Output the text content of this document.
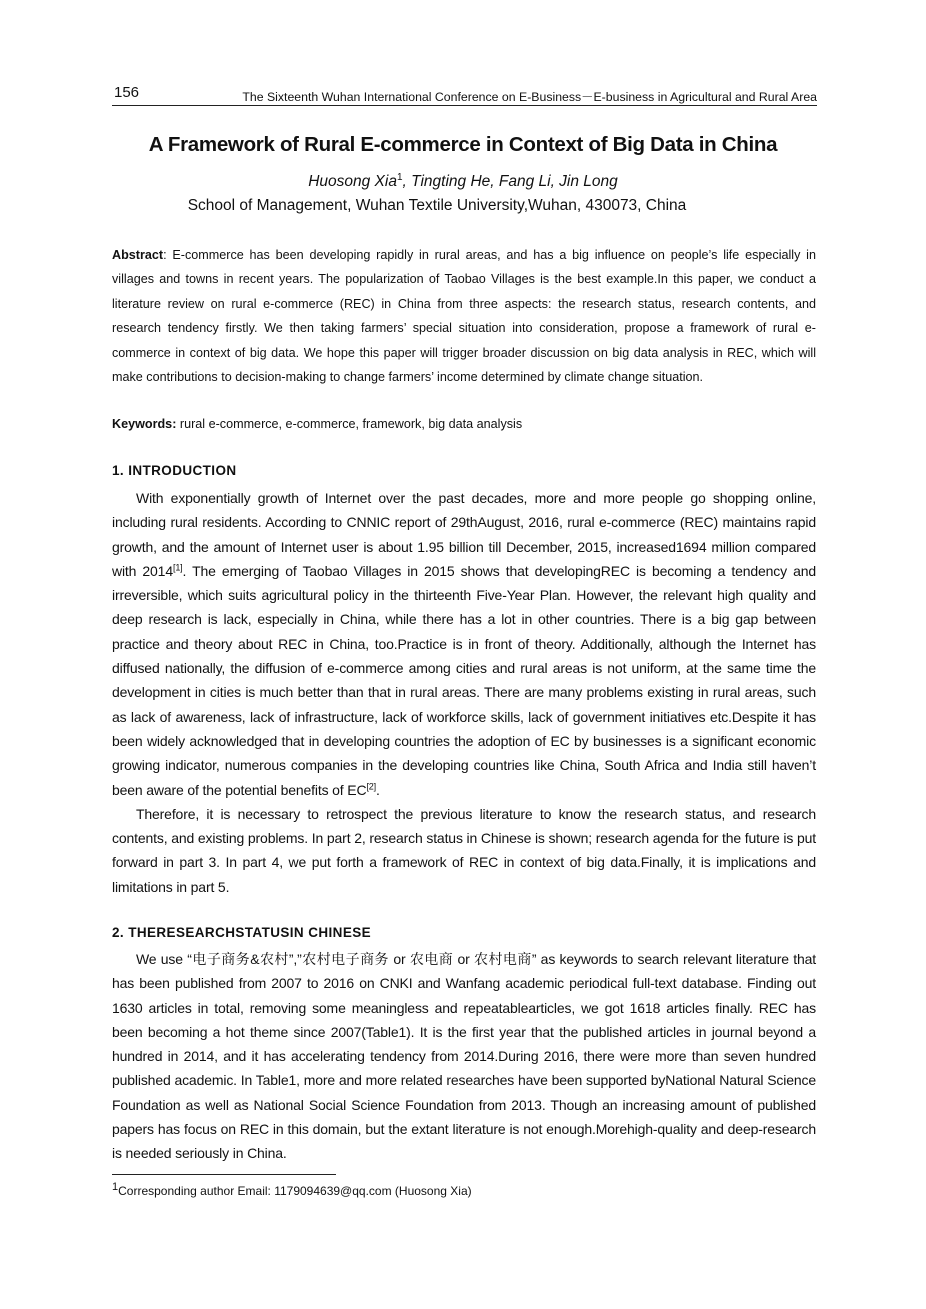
156	The Sixteenth Wuhan International Conference on E-Business－E-business in Agricultural and Rural Area
A Framework of Rural E-commerce in Context of Big Data in China
Huosong Xia$^1$, Tingting He, Fang Li, Jin Long
School of Management, Wuhan Textile University,Wuhan, 430073, China
Abstract: E-commerce has been developing rapidly in rural areas, and has a big influence on people’s life especially in villages and towns in recent years. The popularization of Taobao Villages is the best example.In this paper, we conduct a literature review on rural e-commerce (REC) in China from three aspects: the research status, research contents, and research tendency firstly. We then taking farmers’ special situation into consideration, propose a framework of rural e-commerce in context of big data. We hope this paper will trigger broader discussion on big data analysis in REC, which will make contributions to decision-making to change farmers’ income determined by climate change situation.
Keywords: rural e-commerce, e-commerce, framework, big data analysis
1. INTRODUCTION

With exponentially growth of Internet over the past decades, more and more people go shopping online, including rural residents. According to CNNIC report of 29thAugust, 2016, rural e-commerce (REC) maintains rapid growth, and the amount of Internet user is about 1.95 billion till December, 2015, increased1694 million compared with 2014[1]. The emerging of Taobao Villages in 2015 shows that developingREC is becoming a tendency and irreversible, which suits agricultural policy in the thirteenth Five-Year Plan. However, the relevant high quality and deep research is lack, especially in China, while there has a lot in other countries. There is a big gap between practice and theory about REC in China, too.Practice is in front of theory. Additionally, although the Internet has diffused nationally, the diffusion of e-commerce among cities and rural areas is not uniform, at the same time the development in cities is much better than that in rural areas. There are many problems existing in rural areas, such as lack of awareness, lack of infrastructure, lack of workforce skills, lack of government initiatives etc.Despite it has been widely acknowledged that in developing countries the adoption of EC by businesses is a significant economic growing indicator, numerous companies in the developing countries like China, South Africa and India still haven’t been aware of the potential benefits of EC[2].

Therefore, it is necessary to retrospect the previous literature to know the research status, and research contents, and existing problems. In part 2, research status in Chinese is shown; research agenda for the future is put forward in part 3. In part 4, we put forth a framework of REC in context of big data.Finally, it is implications and limitations in part 5.

2. THERESEARCHSTATUSIN CHINESE

We use “电子商务&农村”,”农村电子商务 or 农电商 or 农村电商” as keywords to search relevant literature that has been published from 2007 to 2016 on CNKI and Wanfang academic periodical full-text database. Finding out 1630 articles in total, removing some meaningless and repeatablearticles, we got 1618 articles finally. REC has been becoming a hot theme since 2007(Table1). It is the first year that the published articles in journal beyond a hundred in 2014, and it has accelerating tendency from 2014.During 2016, there were more than seven hundred published academic. In Table1, more and more related researches have been supported byNational Natural Science Foundation as well as National Social Science Foundation from 2013. Though an increasing amount of published papers has focus on REC in this domain, but the extant literature is not enough.Morehigh-quality and deep-research is needed seriously in China.

$^1$Corresponding author Email: 1179094639@qq.com (Huosong Xia)
